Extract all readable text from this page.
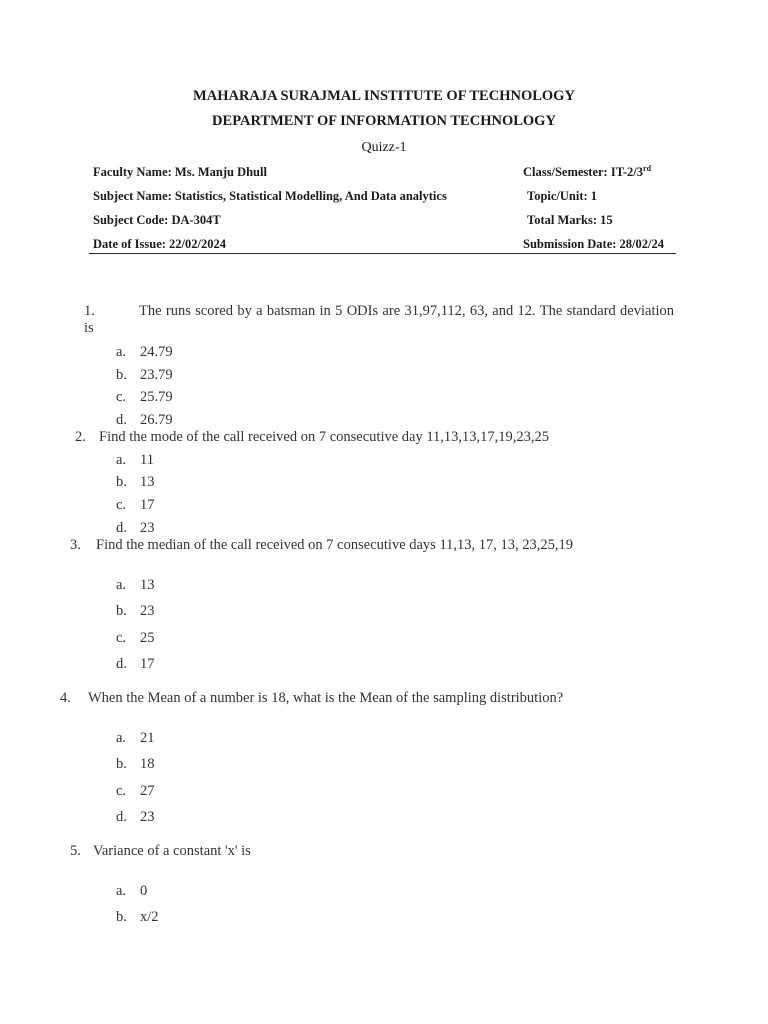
MAHARAJA SURAJMAL INSTITUTE OF TECHNOLOGY
DEPARTMENT OF INFORMATION TECHNOLOGY
Quizz-1
Faculty Name: Ms. Manju Dhull	Class/Semester: IT-2/3rd
Subject Name: Statistics, Statistical Modelling, And Data analytics	Topic/Unit: 1
Subject Code: DA-304T	Total Marks: 15
Date of Issue: 22/02/2024	Submission Date: 28/02/24
1.	The runs scored by a batsman in 5 ODIs are 31,97,112, 63, and 12. The standard deviation is
a. 24.79
b. 23.79
c. 25.79
d. 26.79
2. Find the mode of the call received on 7 consecutive day 11,13,13,17,19,23,25
a. 11
b. 13
c. 17
d. 23
3. Find the median of the call received on 7 consecutive days 11,13, 17, 13, 23,25,19
a. 13
b. 23
c. 25
d. 17
4. When the Mean of a number is 18, what is the Mean of the sampling distribution?
a. 21
b. 18
c. 27
d. 23
5. Variance of a constant 'x' is
a. 0
b. x/2
